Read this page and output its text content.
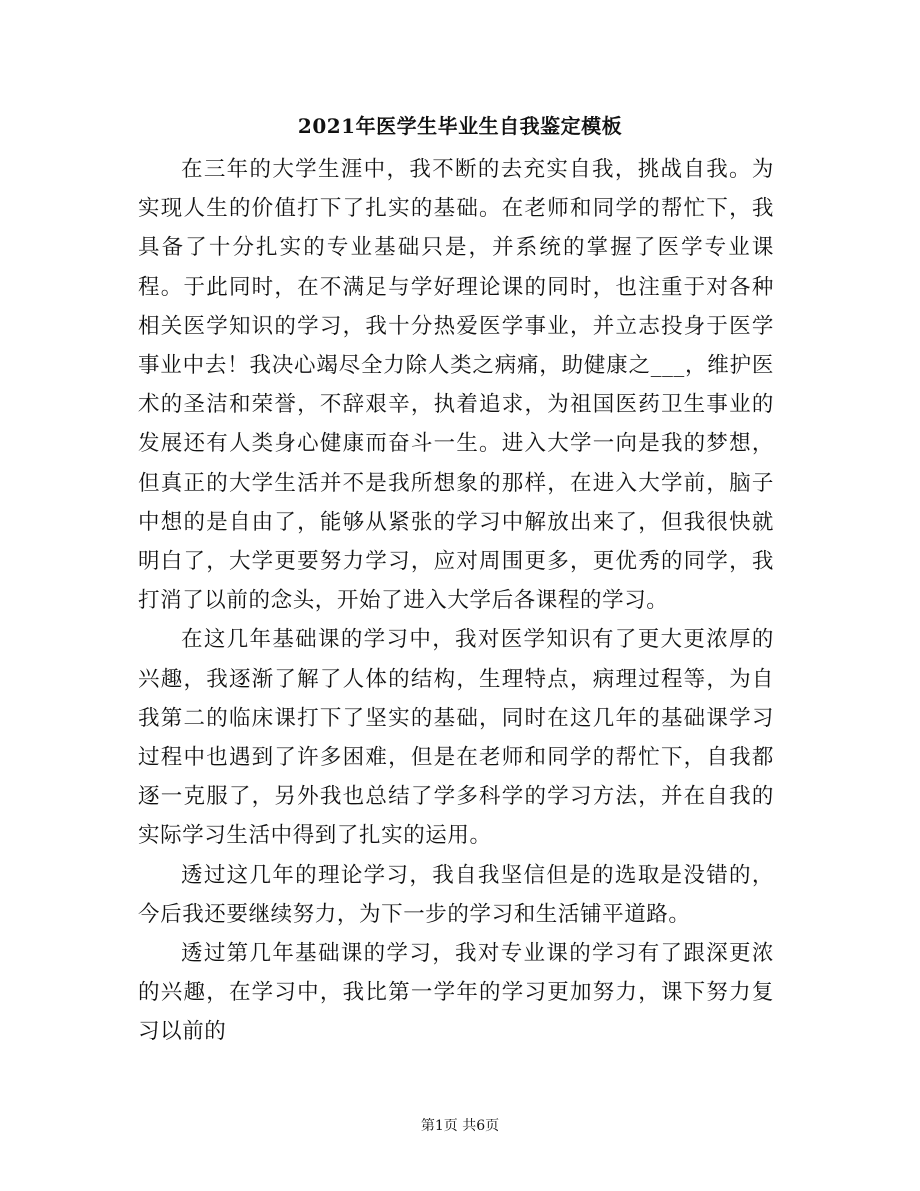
2021年医学生毕业生自我鉴定模板

在三年的大学生涯中，我不断的去充实自我，挑战自我。为实现人生的价值打下了扎实的基础。在老师和同学的帮忙下，我具备了十分扎实的专业基础只是，并系统的掌握了医学专业课程。于此同时，在不满足与学好理论课的同时，也注重于对各种相关医学知识的学习，我十分热爱医学事业，并立志投身于医学事业中去！我决心竭尽全力除人类之病痛，助健康之___，维护医术的圣洁和荣誉，不辞艰辛，执着追求，为祖国医药卫生事业的发展还有人类身心健康而奋斗一生。进入大学一向是我的梦想，但真正的大学生活并不是我所想象的那样，在进入大学前，脑子中想的是自由了，能够从紧张的学习中解放出来了，但我很快就明白了，大学更要努力学习，应对周围更多，更优秀的同学，我打消了以前的念头，开始了进入大学后各课程的学习。

在这几年基础课的学习中，我对医学知识有了更大更浓厚的兴趣，我逐渐了解了人体的结构，生理特点，病理过程等，为自我第二的临床课打下了坚实的基础，同时在这几年的基础课学习过程中也遇到了许多困难，但是在老师和同学的帮忙下，自我都逐一克服了，另外我也总结了学多科学的学习方法，并在自我的实际学习生活中得到了扎实的运用。

透过这几年的理论学习，我自我坚信但是的选取是没错的，今后我还要继续努力，为下一步的学习和生活铺平道路。

透过第几年基础课的学习，我对专业课的学习有了跟深更浓的兴趣，在学习中，我比第一学年的学习更加努力，课下努力复习以前的

第1页 共6页
